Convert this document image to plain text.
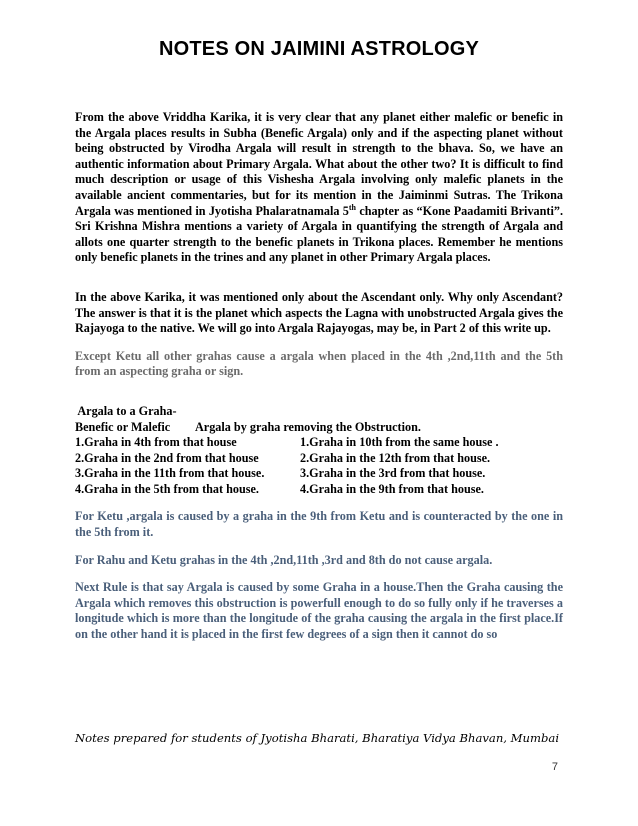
NOTES ON JAIMINI ASTROLOGY

From the above Vriddha Karika, it is very clear that any planet either malefic or benefic in the Argala places results in Subha (Benefic Argala) only and if the aspecting planet without being obstructed by Virodha Argala will result in strength to the bhava. So, we have an authentic information about Primary Argala. What about the other two? It is difficult to find much description or usage of this Vishesha Argala involving only malefic planets in the available ancient commentaries, but for its mention in the Jaiminmi Sutras. The Trikona Argala was mentioned in Jyotisha Phalaratnamala 5th chapter as “Kone Paadamiti Brivanti”. Sri Krishna Mishra mentions a variety of Argala in quantifying the strength of Argala and allots one quarter strength to the benefic planets in Trikona places. Remember he mentions only benefic planets in the trines and any planet in other Primary Argala places.

In the above Karika, it was mentioned only about the Ascendant only. Why only Ascendant? The answer is that it is the planet which aspects the Lagna with unobstructed Argala gives the Rajayoga to the native. We will go into Argala Rajayogas, may be, in Part 2 of this write up.

Except Ketu all other grahas cause a argala when placed in the 4th ,2nd,11th and the 5th from an aspecting graha or sign.

Argala to a Graha-
Benefic or Malefic	Argala by graha removing the Obstruction.
1.Graha in 4th from that house	1.Graha in 10th from the same house .
2.Graha in the 2nd from that house	2.Graha in the 12th from that house.
3.Graha in the 11th from that house.	3.Graha in the 3rd from that house.
4.Graha in the 5th from that house.	4.Graha in the 9th from that house.

For Ketu ,argala is caused by a graha in the 9th from Ketu and is counteracted by the one in the 5th from it.

For Rahu and Ketu grahas in the 4th ,2nd,11th ,3rd and 8th do not cause argala.

Next Rule is that say Argala is caused by some Graha in a house.Then the Graha causing the Argala which removes this obstruction is powerfull enough to do so fully only if he traverses a longitude which is more than the longitude of the graha causing the argala in the first place.If on the other hand it is placed in the first few degrees of a sign then it cannot do so

Notes prepared for students of Jyotisha Bharati, Bharatiya Vidya Bhavan, Mumbai
7
